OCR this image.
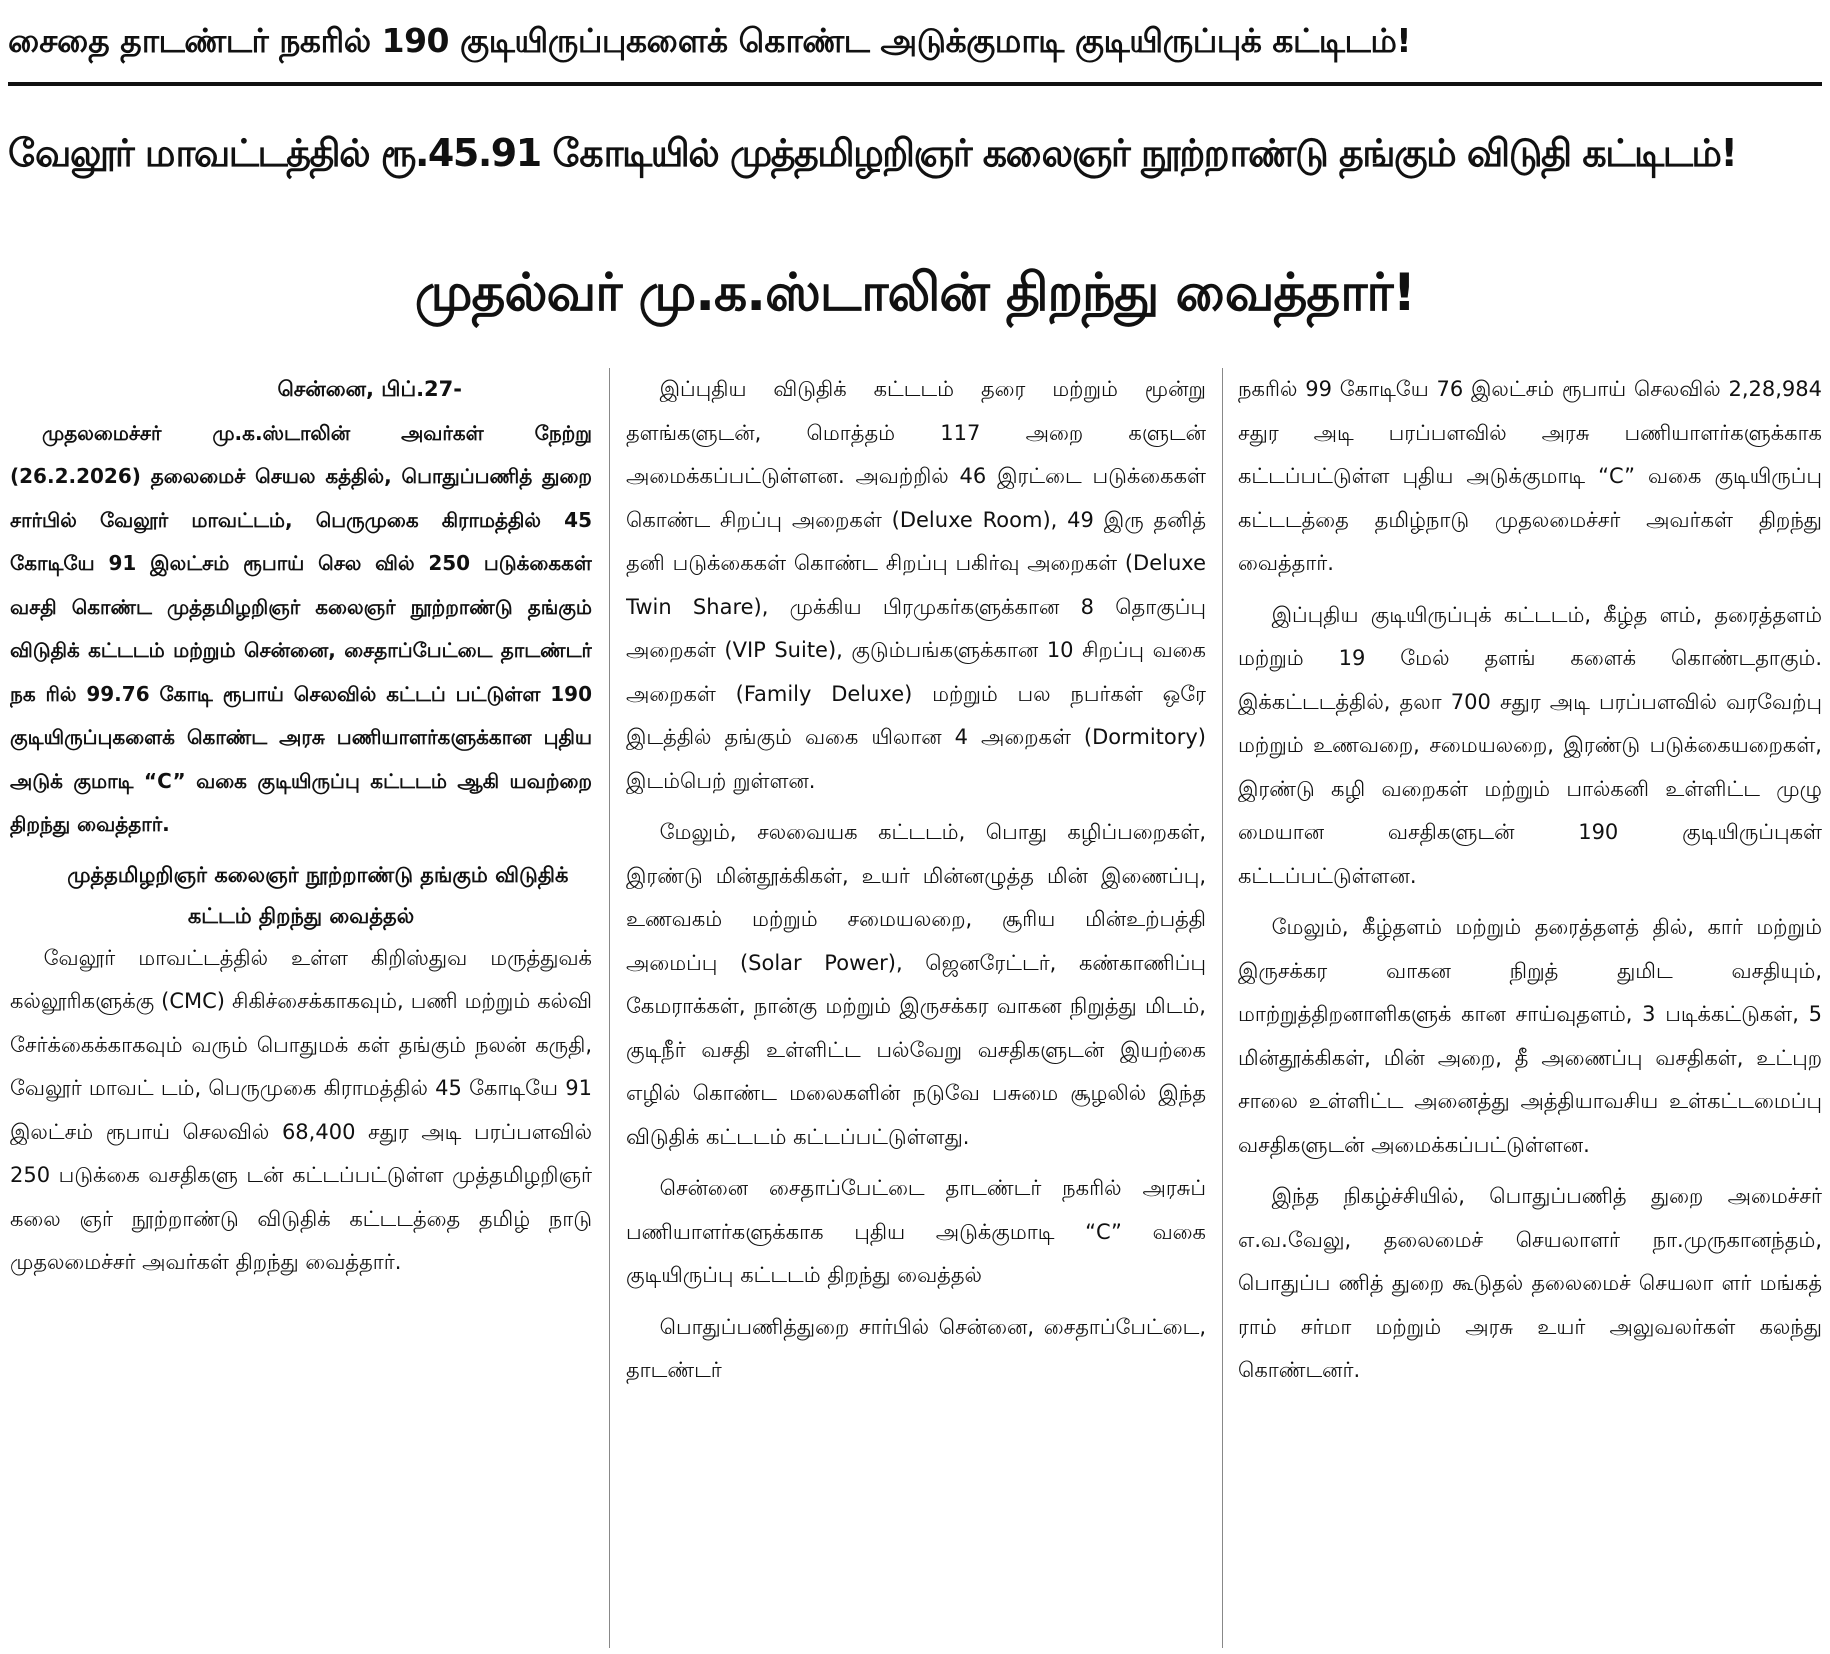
சைதை தாடண்டர் நகரில் 190 குடியிருப்புகளைக் கொண்ட அடுக்குமாடி குடியிருப்புக் கட்டிடம்!
வேலூர் மாவட்டத்தில் ரூ.45.91 கோடியில் முத்தமிழறிஞர் கலைஞர் நூற்றாண்டு தங்கும் விடுதி கட்டிடம்!
முதல்வர் மு.க.ஸ்டாலின் திறந்து வைத்தார்!

சென்னை, பிப்.27-

முதலமைச்சர் மு.க.ஸ்டாலின் அவர்கள் நேற்று (26.2.2026) தலைமைச் செயல கத்தில், பொதுப்பணித் துறை சார்பில் வேலூர் மாவட்டம், பெருமுகை கிராமத்தில் 45 கோடியே 91 இலட்சம் ரூபாய் செல வில் 250 படுக்கைகள் வசதி கொண்ட முத்தமிழறிஞர் கலைஞர் நூற்றாண்டு தங்கும் விடுதிக் கட்டடம் மற்றும் சென்னை, சைதாப்பேட்டை தாடண்டர் நக ரில் 99.76 கோடி ரூபாய் செலவில் கட்டப் பட்டுள்ள 190 குடியிருப்புகளைக் கொண்ட அரசு பணியாளர்களுக்கான புதிய அடுக் குமாடி “C” வகை குடியிருப்பு கட்டடம் ஆகி யவற்றை திறந்து வைத்தார்.

முத்தமிழறிஞர் கலைஞர் நூற்றாண்டு தங்கும் விடுதிக் கட்டம் திறந்து வைத்தல்

வேலூர் மாவட்டத்தில் உள்ள கிறிஸ்துவ மருத்துவக் கல்லூரிகளுக்கு (CMC) சிகிச்சைக்காகவும், பணி மற்றும் கல்வி சேர்க்கைக்காகவும் வரும் பொதுமக் கள் தங்கும் நலன் கருதி, வேலூர் மாவட் டம், பெருமுகை கிராமத்தில் 45 கோடியே 91 இலட்சம் ரூபாய் செலவில் 68,400 சதுர அடி பரப்பளவில் 250 படுக்கை வசதிகளு டன் கட்டப்பட்டுள்ள முத்தமிழறிஞர் கலை ஞர் நூற்றாண்டு விடுதிக் கட்டடத்தை தமிழ் நாடு முதலமைச்சர் அவர்கள் திறந்து வைத்தார்.

இப்புதிய விடுதிக் கட்டடம் தரை மற்றும் மூன்று தளங்களுடன், மொத்தம் 117 அறை களுடன் அமைக்கப்பட்டுள்ளன. அவற்றில் 46 இரட்டை படுக்கைகள் கொண்ட சிறப்பு அறைகள் (Deluxe Room), 49 இரு தனித் தனி படுக்கைகள் கொண்ட சிறப்பு பகிர்வு அறைகள் (Deluxe Twin Share), முக்கிய பிரமுகர்களுக்கான 8 தொகுப்பு அறைகள் (VIP Suite), குடும்பங்களுக்கான 10 சிறப்பு வகை அறைகள் (Family Deluxe) மற்றும் பல நபர்கள் ஒரே இடத்தில் தங்கும் வகை யிலான 4 அறைகள் (Dormitory) இடம்பெற் றுள்ளன.

மேலும், சலவையக கட்டடம், பொது கழிப்பறைகள், இரண்டு மின்தூக்கிகள், உயர் மின்னழுத்த மின் இணைப்பு, உணவகம் மற்றும் சமையலறை, சூரிய மின்உற்பத்தி அமைப்பு (Solar Power), ஜெனரேட்டர், கண்காணிப்பு கேமராக்கள், நான்கு மற்றும் இருசக்கர வாகன நிறுத்து மிடம், குடிநீர் வசதி உள்ளிட்ட பல்வேறு வசதிகளுடன் இயற்கை எழில் கொண்ட மலைகளின் நடுவே பசுமை சூழலில் இந்த விடுதிக் கட்டடம் கட்டப்பட்டுள்ளது.

சென்னை சைதாப்பேட்டை தாடண்டர் நகரில் அரசுப் பணியாளர்களுக்காக புதிய அடுக்குமாடி “C” வகை குடியிருப்பு கட்டடம் திறந்து வைத்தல்

பொதுப்பணித்துறை சார்பில் சென்னை, சைதாப்பேட்டை, தாடண்டர்

நகரில் 99 கோடியே 76 இலட்சம் ரூபாய் செலவில் 2,28,984 சதுர அடி பரப்பளவில் அரசு பணியாளர்களுக்காக கட்டப்பட்டுள்ள புதிய அடுக்குமாடி “C” வகை குடியிருப்பு கட்டடத்தை தமிழ்நாடு முதலமைச்சர் அவர்கள் திறந்து வைத்தார்.

இப்புதிய குடியிருப்புக் கட்டடம், கீழ்த ளம், தரைத்தளம் மற்றும் 19 மேல் தளங் களைக் கொண்டதாகும். இக்கட்டடத்தில், தலா 700 சதுர அடி பரப்பளவில் வரவேற்பு மற்றும் உணவறை, சமையலறை, இரண்டு படுக்கையறைகள், இரண்டு கழி வறைகள் மற்றும் பால்கனி உள்ளிட்ட முழு மையான வசதிகளுடன் 190 குடியிருப்புகள் கட்டப்பட்டுள்ளன.

மேலும், கீழ்தளம் மற்றும் தரைத்தளத் தில், கார் மற்றும் இருசக்கர வாகன நிறுத் துமிட வசதியும், மாற்றுத்திறனாளிகளுக் கான சாய்வுதளம், 3 படிக்கட்டுகள், 5 மின்தூக்கிகள், மின் அறை, தீ அணைப்பு வசதிகள், உட்புற சாலை உள்ளிட்ட அனைத்து அத்தியாவசிய உள்கட்டமைப்பு வசதிகளுடன் அமைக்கப்பட்டுள்ளன.

இந்த நிகழ்ச்சியில், பொதுப்பணித் துறை அமைச்சர் எ.வ.வேலு, தலைமைச் செயலாளர் நா.முருகானந்தம், பொதுப்ப ணித் துறை கூடுதல் தலைமைச் செயலா ளர் மங்கத் ராம் சர்மா மற்றும் அரசு உயர் அலுவலர்கள் கலந்து கொண்டனர்.
